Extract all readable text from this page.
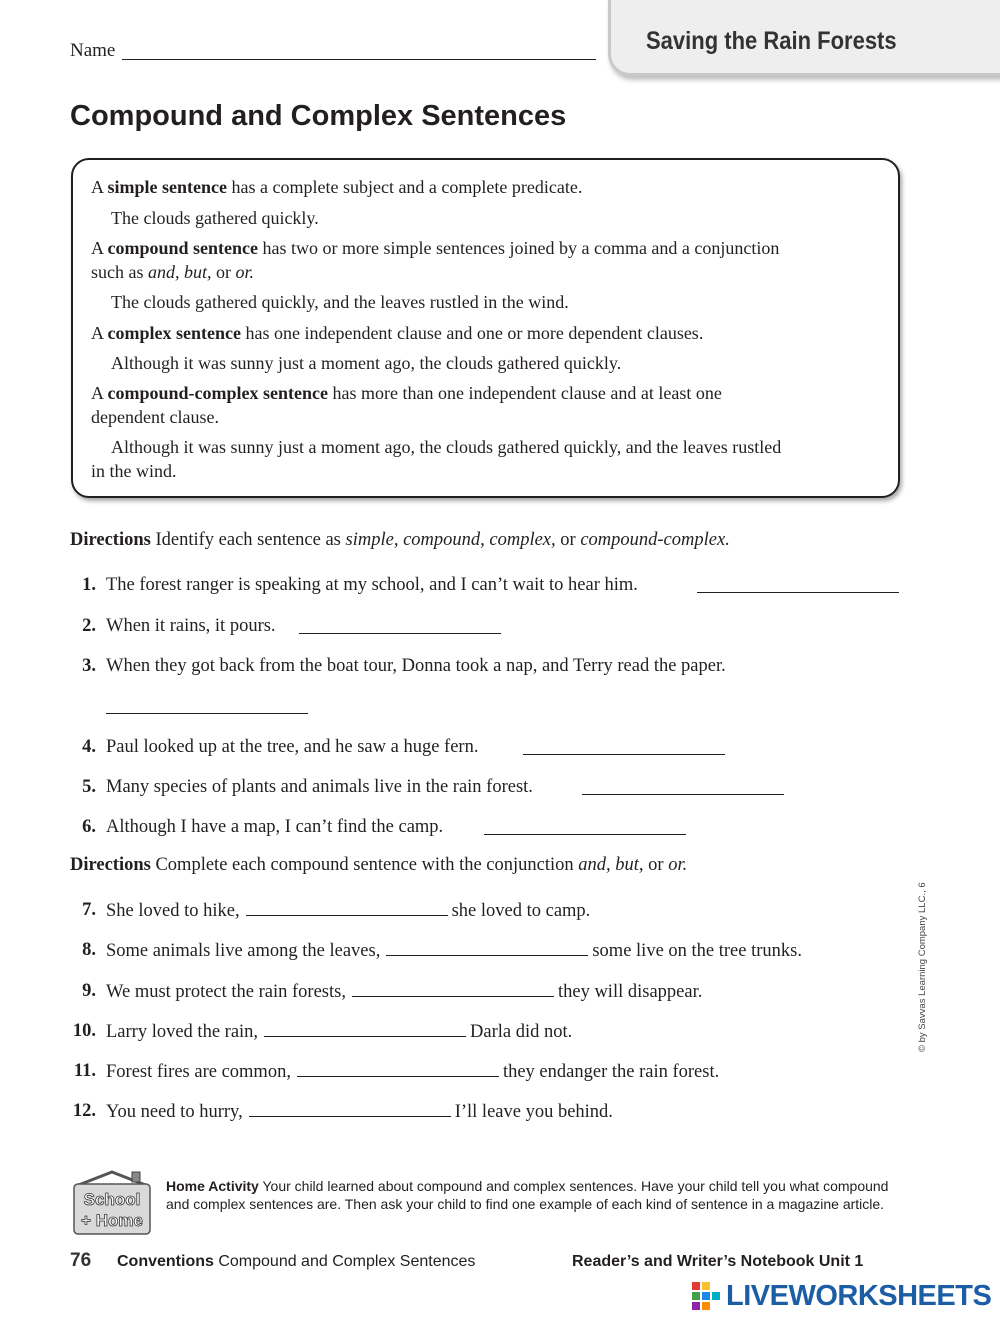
Name	Saving the Rain Forests
Compound and Complex Sentences
A simple sentence has a complete subject and a complete predicate.
The clouds gathered quickly.
A compound sentence has two or more simple sentences joined by a comma and a conjunction
such as and, but, or or.
The clouds gathered quickly, and the leaves rustled in the wind.
A complex sentence has one independent clause and one or more dependent clauses.
Although it was sunny just a moment ago, the clouds gathered quickly.
A compound-complex sentence has more than one independent clause and at least one
dependent clause.
Although it was sunny just a moment ago, the clouds gathered quickly, and the leaves rustled
in the wind.
Directions Identify each sentence as simple, compound, complex, or compound-complex.
1. The forest ranger is speaking at my school, and I can’t wait to hear him.
2. When it rains, it pours.
3. When they got back from the boat tour, Donna took a nap, and Terry read the paper.
4. Paul looked up at the tree, and he saw a huge fern.
5. Many species of plants and animals live in the rain forest.
6. Although I have a map, I can’t find the camp.
Directions Complete each compound sentence with the conjunction and, but, or or.
7. She loved to hike,	she loved to camp.
8. Some animals live among the leaves,	some live on the tree trunks.
9. We must protect the rain forests,	they will disappear.
10. Larry loved the rain,	Darla did not.
11. Forest fires are common,	they endanger the rain forest.
12. You need to hurry,	I’ll leave you behind.
© by Savvas Learning Company LLC., 6
School
+ Home
Home Activity Your child learned about compound and complex sentences. Have your child tell you what compound and complex sentences are. Then ask your child to find one example of each kind of sentence in a magazine article.
76 Conventions Compound and Complex Sentences	Reader’s and Writer’s Notebook Unit 1
LIVEWORKSHEETS
